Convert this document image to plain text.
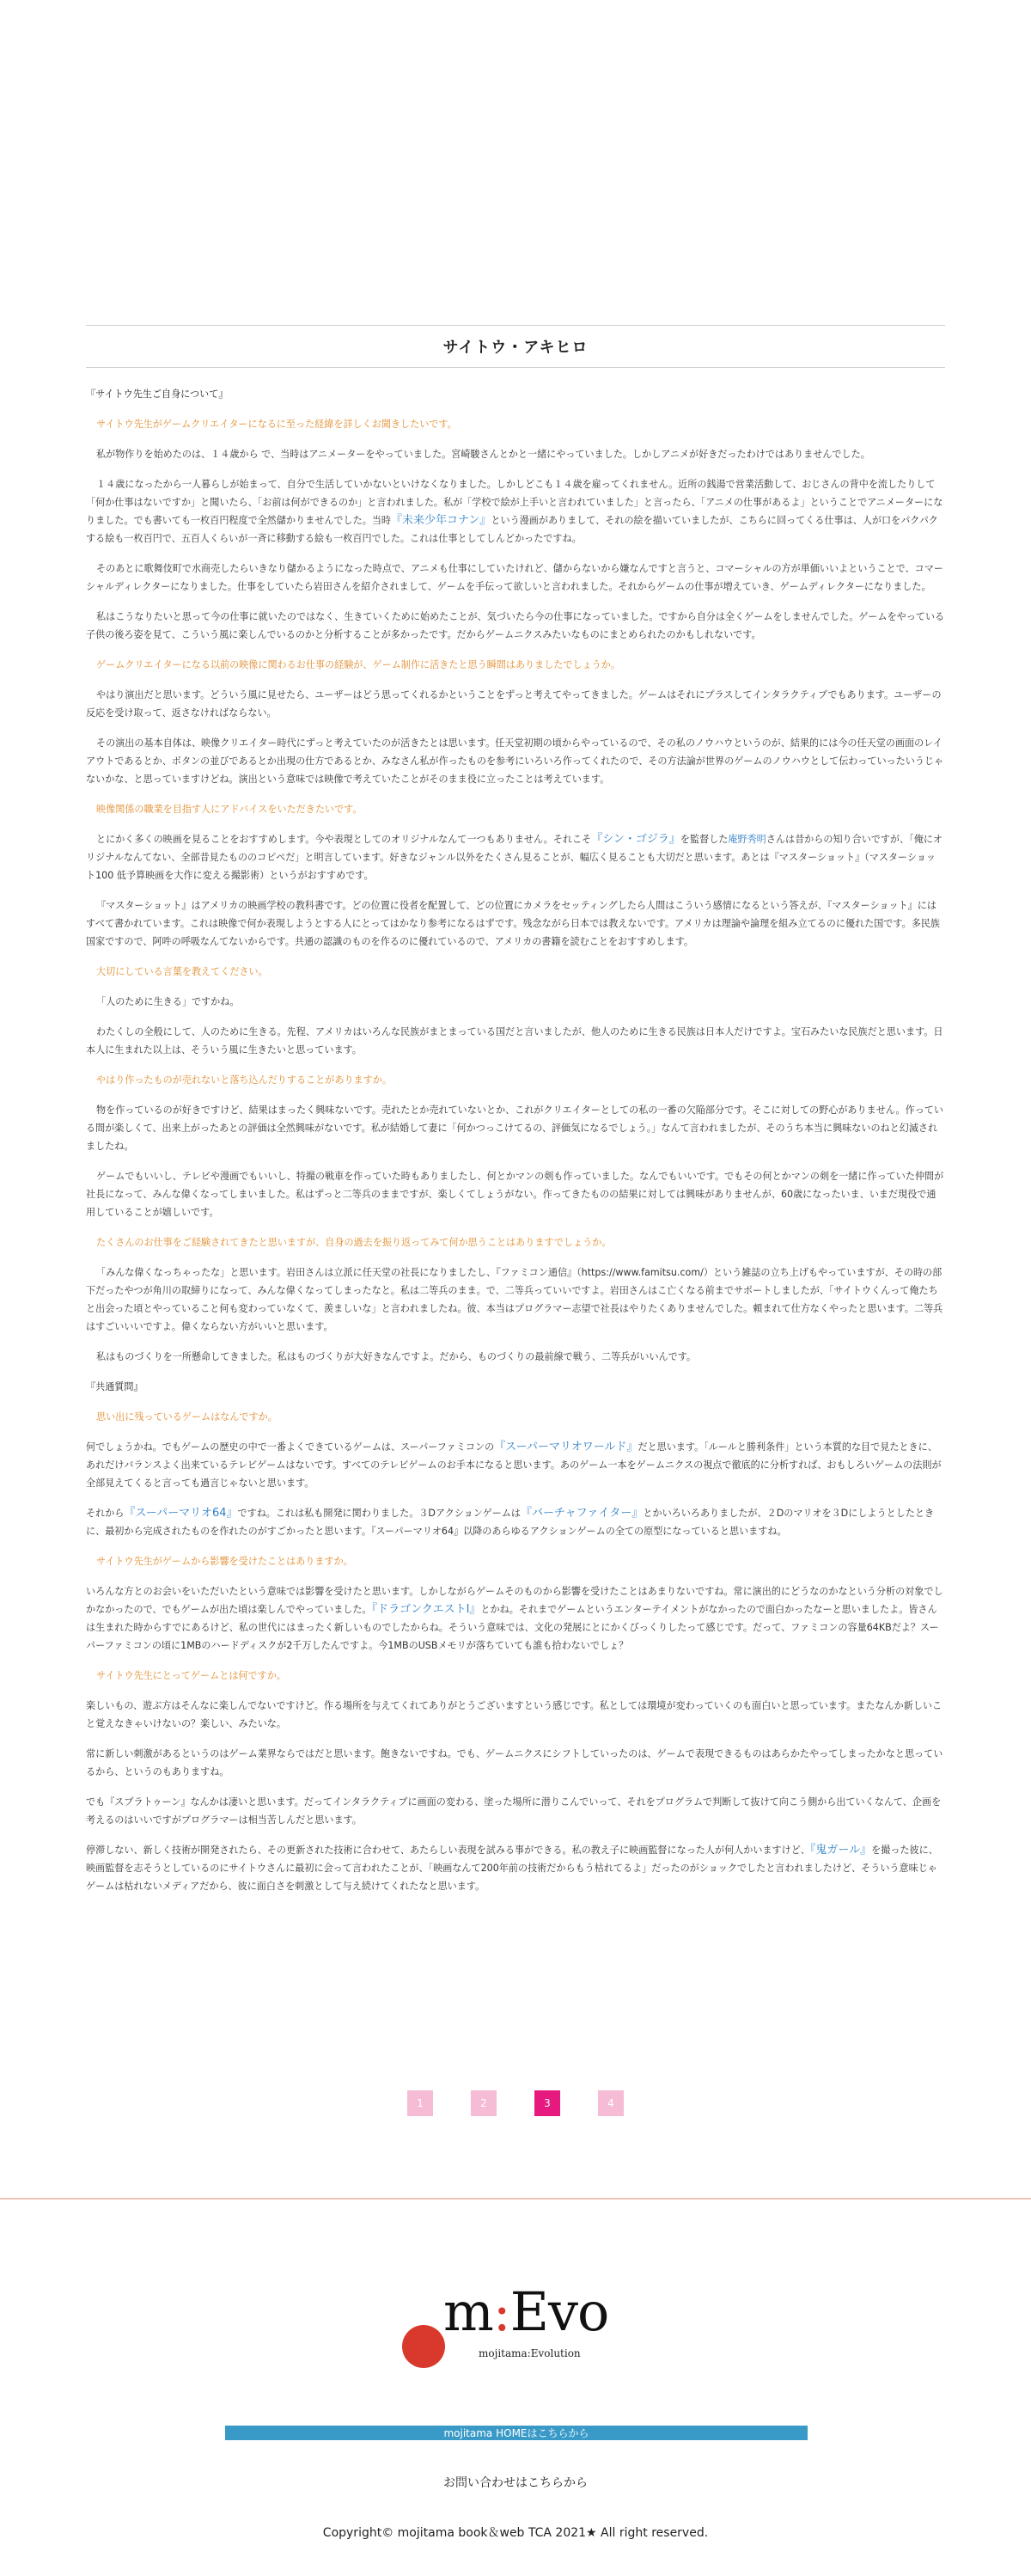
サイトウ・アキヒロ
『サイトウ先生ご自身について』
サイトウ先生がゲームクリエイターになるに至った経緯を詳しくお聞きしたいです。
私が物作りを始めたのは、１４歳から で、当時はアニメーターをやっていました。宮崎駿さんとかと一緒にやっていました。しかしアニメが好きだったわけではありませんでした。
１４歳になったから一人暮らしが始まって、自分で生活していかないといけなくなりました。しかしどこも１４歳を雇ってくれません。近所の銭湯で営業活動して、おじさんの背中を流したりして「何か仕事はないですか」と聞いたら、「お前は何ができるのか」と言われました。私が「学校で絵が上手いと言われていました」と言ったら、「アニメの仕事があるよ」ということでアニメーターになりました。でも書いても一枚百円程度で全然儲かりませんでした。当時『未来少年コナン』という漫画がありまして、それの絵を描いていましたが、こちらに回ってくる仕事は、人が口をパクパクする絵も一枚百円で、五百人くらいが一斉に移動する絵も一枚百円でした。これは仕事としてしんどかったですね。
そのあとに歌舞伎町で水商売したらいきなり儲かるようになった時点で、アニメも仕事にしていたけれど、儲からないから嫌なんですと言うと、コマーシャルの方が単価いいよということで、コマーシャルディレクターになりました。仕事をしていたら岩田さんを紹介されまして、ゲームを手伝って欲しいと言われました。それからゲームの仕事が増えていき、ゲームディレクターになりました。
私はこうなりたいと思って今の仕事に就いたのではなく、生きていくために始めたことが、気づいたら今の仕事になっていました。ですから自分は全くゲームをしませんでした。ゲームをやっている子供の後ろ姿を見て、こういう風に楽しんでいるのかと分析することが多かったです。だからゲームニクスみたいなものにまとめられたのかもしれないです。
ゲームクリエイターになる以前の映像に関わるお仕事の経験が、ゲーム制作に活きたと思う瞬間はありましたでしょうか。
やはり演出だと思います。どういう風に見せたら、ユーザーはどう思ってくれるかということをずっと考えてやってきました。ゲームはそれにプラスしてインタラクティブでもあります。ユーザーの反応を受け取って、返さなければならない。
その演出の基本自体は、映像クリエイター時代にずっと考えていたのが活きたとは思います。任天堂初期の頃からやっているので、その私のノウハウというのが、結果的には今の任天堂の画面のレイアウトであるとか、ボタンの並びであるとか出現の仕方であるとか、みなさん私が作ったものを参考にいろいろ作ってくれたので、その方法論が世界のゲームのノウハウとして伝わっていったいうじゃないかな、と思っていますけどね。演出という意味では映像で考えていたことがそのまま役に立ったことは考えています。
映像関係の職業を目指す人にアドバイスをいただきたいです。
とにかく多くの映画を見ることをおすすめします。今や表現としてのオリジナルなんて一つもありません。それこそ『シン・ゴジラ』を監督した庵野秀明さんは昔からの知り合いですが、「俺にオリジナルなんてない、全部昔見たもののコピペだ」と明言しています。好きなジャンル以外をたくさん見ることが、幅広く見ることも大切だと思います。あとは『マスターショット』（マスターショット100 低予算映画を大作に変える撮影術）というがおすすめです。
『マスターショット』はアメリカの映画学校の教科書です。どの位置に役者を配置して、どの位置にカメラをセッティングしたら人間はこういう感情になるという答えが、『マスターショット』にはすべて書かれています。これは映像で何か表現しようとする人にとってはかなり参考になるはずです。残念ながら日本では教えないです。アメリカは理論や論理を組み立てるのに優れた国です。多民族国家ですので、阿吽の呼吸なんてないからです。共通の認識のものを作るのに優れているので、アメリカの書籍を読むことをおすすめします。
大切にしている言葉を教えてください。
「人のために生きる」ですかね。
わたくしの全般にして、人のために生きる。先程、アメリカはいろんな民族がまとまっている国だと言いましたが、他人のために生きる民族は日本人だけですよ。宝石みたいな民族だと思います。日本人に生まれた以上は、そういう風に生きたいと思っています。
やはり作ったものが売れないと落ち込んだりすることがありますか。
物を作っているのが好きですけど、結果はまったく興味ないです。売れたとか売れていないとか、これがクリエイターとしての私の一番の欠陥部分です。そこに対しての野心がありません。作っている間が楽しくて、出来上がったあとの評価は全然興味がないです。私が結婚して妻に「何かつっこけてるの、評価気になるでしょう。」なんて言われましたが、そのうち本当に興味ないのねと幻滅されましたね。
ゲームでもいいし、テレビや漫画でもいいし、特撮の戦車を作っていた時もありましたし、何とかマンの剣も作っていました。なんでもいいです。でもその何とかマンの剣を一緒に作っていた仲間が社長になって、みんな偉くなってしまいました。私はずっと二等兵のままですが、楽しくてしょうがない。作ってきたものの結果に対しては興味がありませんが、60歳になったいま、いまだ現役で通用していることが嬉しいです。
たくさんのお仕事をご経験されてきたと思いますが、自身の過去を振り返ってみて何か思うことはありますでしょうか。
「みんな偉くなっちゃったな」と思います。岩田さんは立派に任天堂の社長になりましたし、『ファミコン通信』（https://www.famitsu.com/）という雑誌の立ち上げもやっていますが、その時の部下だったやつが角川の取締りになって、みんな偉くなってしまったなと。私は二等兵のまま。で、二等兵っていいですよ。岩田さんはこ亡くなる前までサポートしましたが、「サイトウくんって俺たちと出会った頃とやっていること何も変わっていなくて、羨ましいな」と言われましたね。彼、本当はプログラマー志望で社長はやりたくありませんでした。頼まれて仕方なくやったと思います。二等兵はすごいいいですよ。偉くならない方がいいと思います。
私はものづくりを一所懸命してきました。私はものづくりが大好きなんですよ。だから、ものづくりの最前線で戦う、二等兵がいいんです。
『共通質問』
思い出に残っているゲームはなんですか。
何でしょうかね。でもゲームの歴史の中で一番よくできているゲームは、スーパーファミコンの『スーパーマリオワールド』だと思います。「ルールと勝利条件」という本質的な目で見たときに、あれだけバランスよく出来ているテレビゲームはないです。すべてのテレビゲームのお手本になると思います。あのゲーム一本をゲームニクスの視点で徹底的に分析すれば、おもしろいゲームの法則が全部見えてくると言っても過言じゃないと思います。
それから『スーパーマリオ64』ですね。これは私も開発に関わりました。３Dアクションゲームは『バーチャファイター』とかいろいろありましたが、２Dのマリオを３Dにしようとしたときに、最初から完成されたものを作れたのがすごかったと思います。『スーパーマリオ64』以降のあらゆるアクションゲームの全ての原型になっていると思いますね。
サイトウ先生がゲームから影響を受けたことはありますか。
いろんな方とのお会いをいただいたという意味では影響を受けたと思います。しかしながらゲームそのものから影響を受けたことはあまりないですね。常に演出的にどうなのかなという分析の対象でしかなかったので、でもゲームが出た頃は楽しんでやっていました。『ドラゴンクエストI』とかね。それまでゲームというエンターテイメントがなかったので面白かったなーと思いましたよ。皆さんは生まれた時からすでにあるけど、私の世代にはまったく新しいものでしたからね。そういう意味では、文化の発展にとにかくびっくりしたって感じです。だって、ファミコンの容量64KBだよ？スーパーファミコンの頃に1MBのハードディスクが2千万したんですよ。今1MBのUSBメモリが落ちていても誰も拾わないでしょ？
サイトウ先生にとってゲームとは何ですか。
楽しいもの、遊ぶ方はそんなに楽しんでないですけど。作る場所を与えてくれてありがとうございますという感じです。私としては環境が変わっていくのも面白いと思っています。またなんか新しいこと覚えなきゃいけないの？楽しい、みたいな。
常に新しい刺激があるというのはゲーム業界ならではだと思います。飽きないですね。でも、ゲームニクスにシフトしていったのは、ゲームで表現できるものはあらかたやってしまったかなと思っているから、というのもありますね。
でも『スプラトゥーン』なんかは凄いと思います。だってインタラクティブに画面の変わる、塗った場所に潜りこんでいって、それをプログラムで判断して抜けて向こう側から出ていくなんて、企画を考えるのはいいですがプログラマーは相当苦しんだと思います。
停滞しない、新しく技術が開発されたら、その更新された技術に合わせて、あたらしい表現を試みる事ができる。私の教え子に映画監督になった人が何人かいますけど、『鬼ガール』を撮った彼に、映画監督を志そうとしているのにサイトウさんに最初に会って言われたことが、「映画なんて200年前の技術だからもう枯れてるよ」だったのがショックでしたと言われましたけど、そういう意味じゃゲームは枯れないメディアだから、彼に面白さを刺激として与え続けてくれたなと思います。
1	2	3	4
m:Evo
mojitama:Evolution
mojitama HOMEはこちらから
お問い合わせはこちらから
Copyright© mojitama book＆web TCA 2021★ All right reserved.
